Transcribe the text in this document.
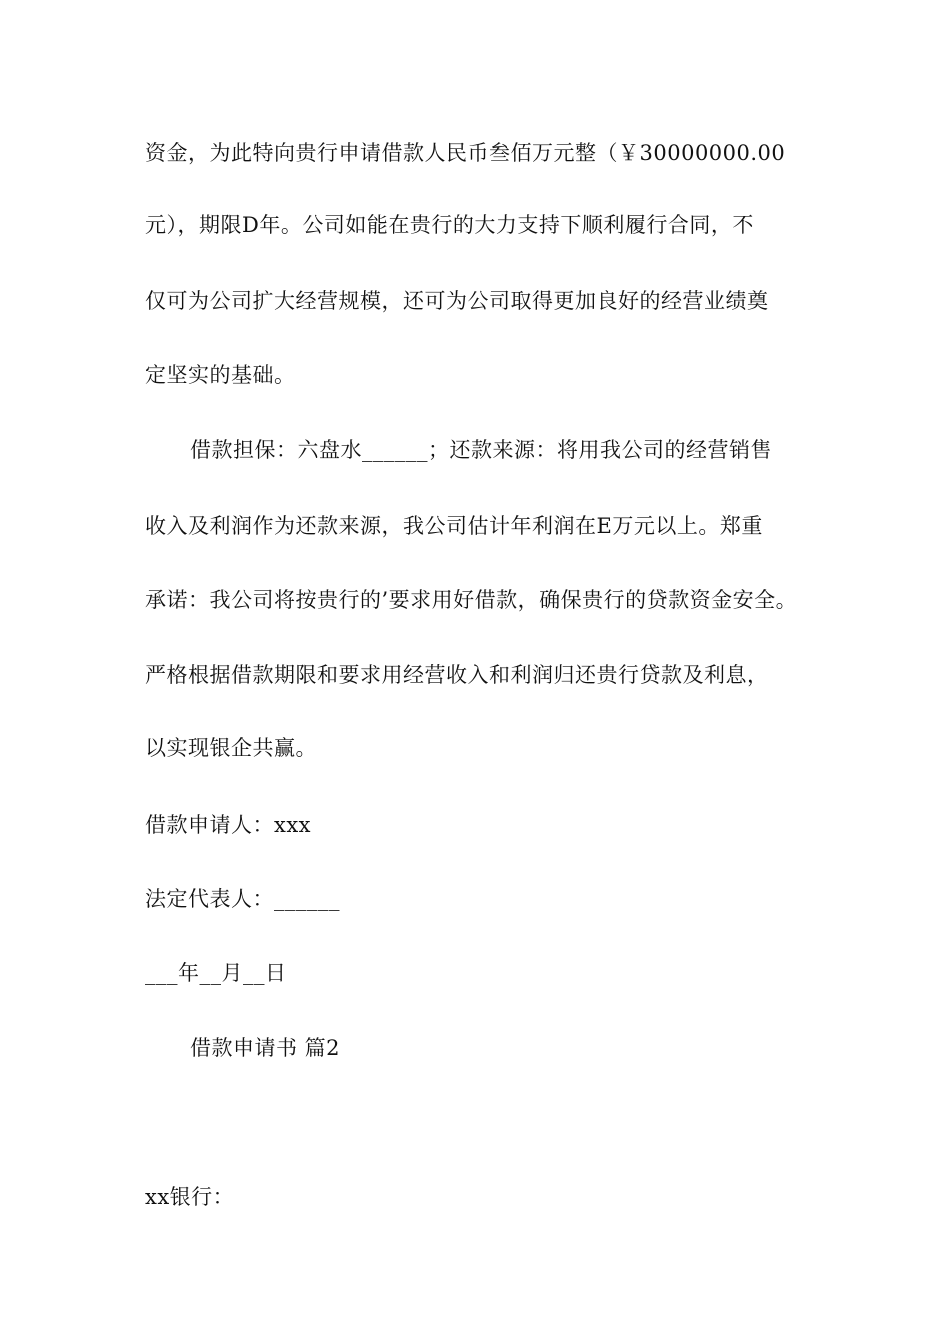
资金，为此特向贵行申请借款人民币叁佰万元整（￥30000000.00
元），期限D年。公司如能在贵行的大力支持下顺利履行合同，不
仅可为公司扩大经营规模，还可为公司取得更加良好的经营业绩奠
定坚实的基础。
借款担保：六盘水______；还款来源：将用我公司的经营销售
收入及利润作为还款来源，我公司估计年利润在E万元以上。郑重
承诺：我公司将按贵行的’要求用好借款，确保贵行的贷款资金安全。
严格根据借款期限和要求用经营收入和利润归还贵行贷款及利息，
以实现银企共赢。
借款申请人：xxx
法定代表人：______
___年__月__日
借款申请书 篇2
xx银行：
